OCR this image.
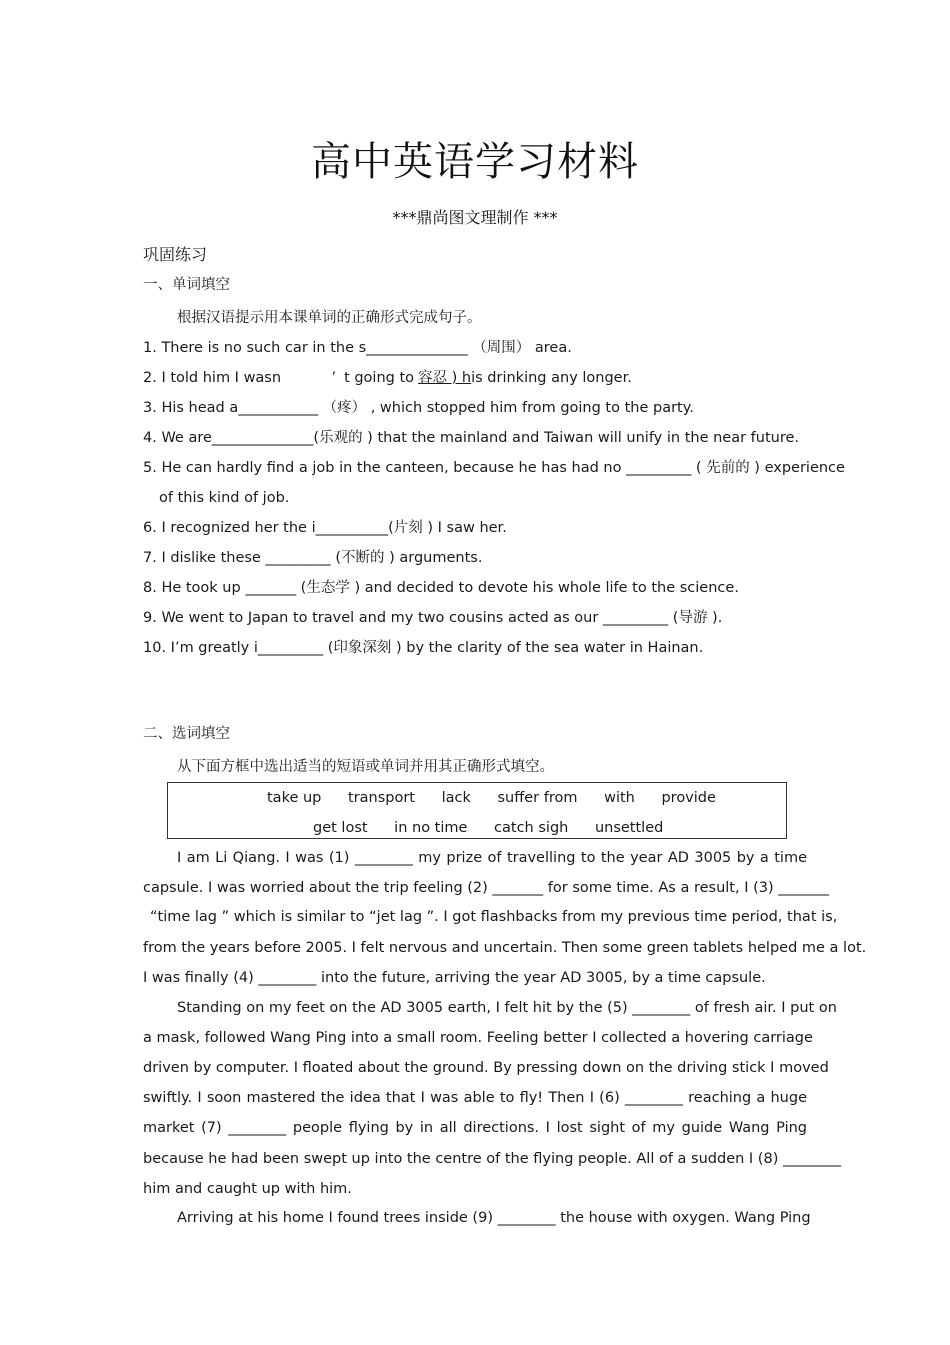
高中英语学习材料
***鼎尚图文理制作 ***
巩固练习
一、单词填空
根据汉语提示用本课单词的正确形式完成句子。
1. There is no such car in the s______________ （周围） area.
2. I told him I wasn	’ t going to 容忍 ) his drinking any longer.
3. His head a___________ （疼） , which stopped him from going to the party.
4. We are______________(乐观的 ) that the mainland and Taiwan will unify in the near future.
5. He can hardly find a job in the canteen, because he has had no _________ ( 先前的 ) experience
of this kind of job.
6. I recognized her the i__________(片刻 ) I saw her.
7. I dislike these _________ (不断的 ) arguments.
8. He took up _______ (生态学 ) and decided to devote his whole life to the science.
9. We went to Japan to travel and my two cousins acted as our _________ (导游 ).
10. I’m greatly i_________ (印象深刻 ) by the clarity of the sea water in Hainan.
二、选词填空
从下面方框中选出适当的短语或单词并用其正确形式填空。
take up transport lack suffer from with provide
get lost in no time catch sigh unsettled
I am Li Qiang. I was (1) ________ my prize of travelling to the year AD 3005 by a time
capsule. I was worried about the trip feeling (2) _______ for some time. As a result, I (3) _______
“time lag ” which is similar to “jet lag ”. I got flashbacks from my previous time period, that is,
from the years before 2005. I felt nervous and uncertain. Then some green tablets helped me a lot.
I was finally (4) ________ into the future, arriving the year AD 3005, by a time capsule.
Standing on my feet on the AD 3005 earth, I felt hit by the (5) ________ of fresh air. I put on
a mask, followed Wang Ping into a small room. Feeling better I collected a hovering carriage
driven by computer. I floated about the ground. By pressing down on the driving stick I moved
swiftly. I soon mastered the idea that I was able to fly! Then I (6) ________ reaching a huge
market (7) ________ people flying by in all directions. I lost sight of my guide Wang Ping
because he had been swept up into the centre of the flying people. All of a sudden I (8) ________
him and caught up with him.
Arriving at his home I found trees inside (9) ________ the house with oxygen. Wang Ping
